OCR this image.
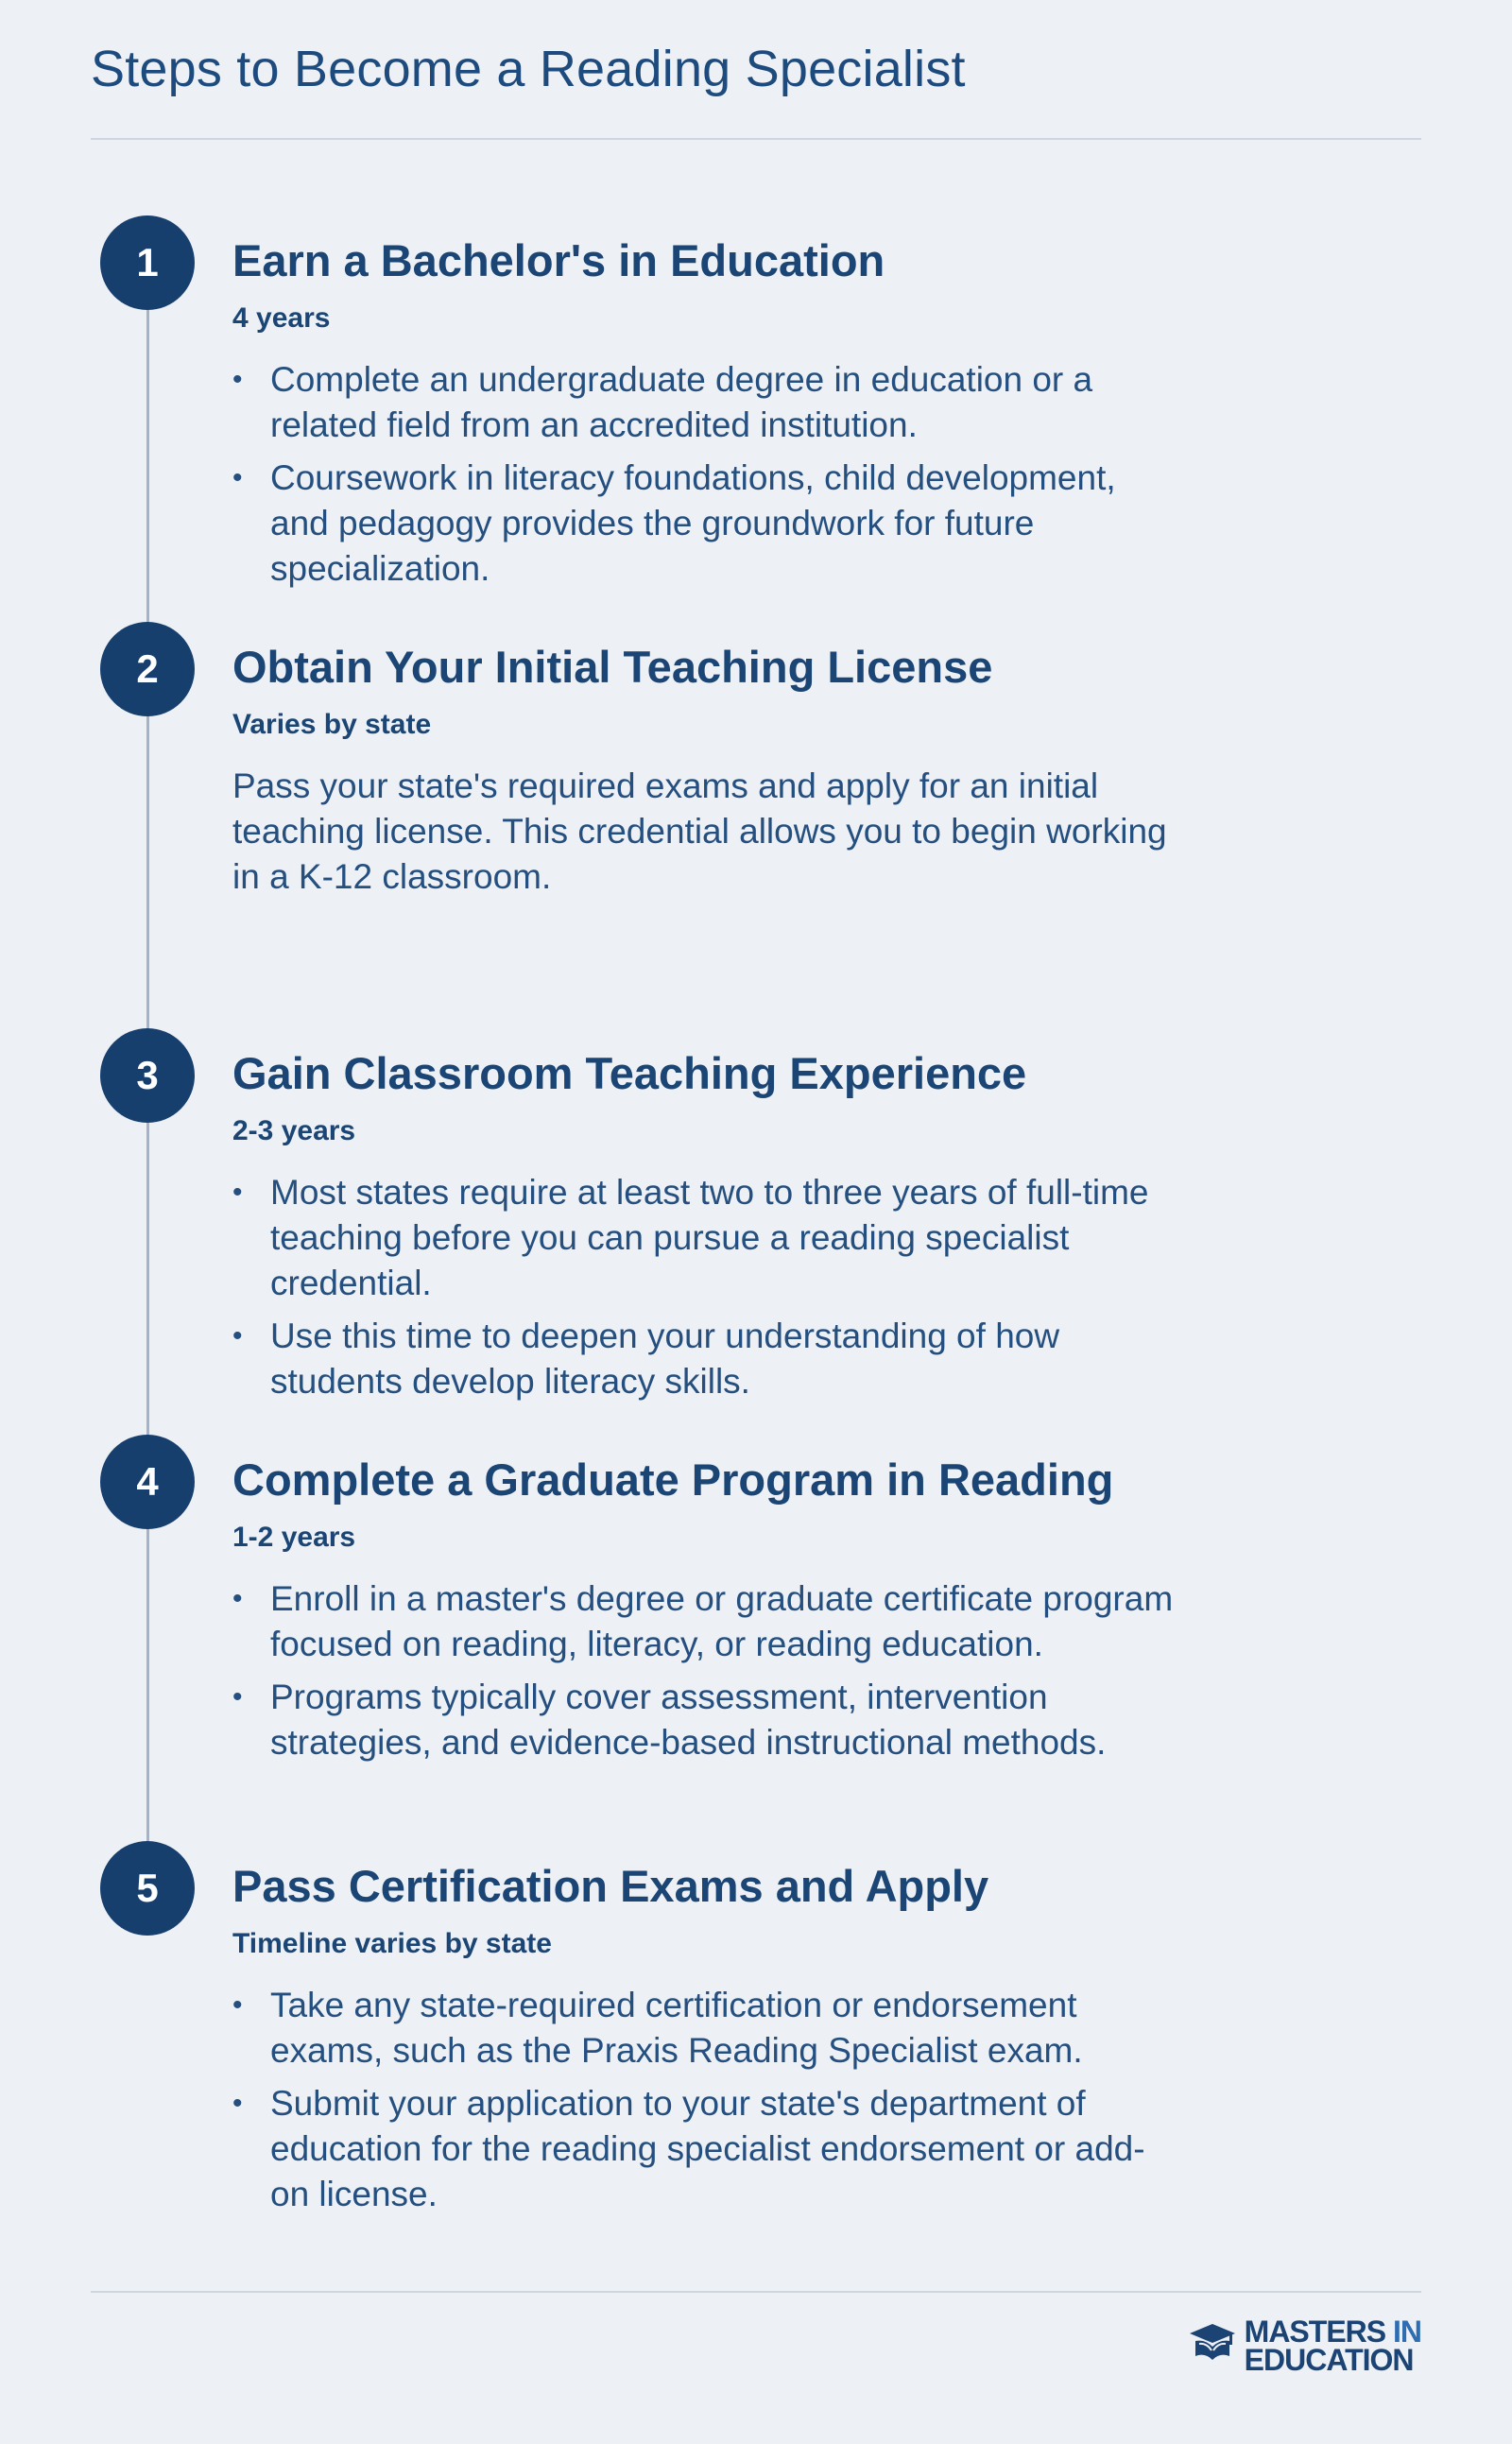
Steps to Become a Reading Specialist
1	Earn a Bachelor's in Education
4 years
• Complete an undergraduate degree in education or a related field from an accredited institution.
• Coursework in literacy foundations, child development, and pedagogy provides the groundwork for future specialization.
2	Obtain Your Initial Teaching License
Varies by state

Pass your state's required exams and apply for an initial teaching license. This credential allows you to begin working in a K-12 classroom.

3	Gain Classroom Teaching Experience
2-3 years
• Most states require at least two to three years of full-time teaching before you can pursue a reading specialist credential.
• Use this time to deepen your understanding of how students develop literacy skills.
4	Complete a Graduate Program in Reading
1-2 years
• Enroll in a master's degree or graduate certificate program focused on reading, literacy, or reading education.
• Programs typically cover assessment, intervention strategies, and evidence-based instructional methods.
5	Pass Certification Exams and Apply
Timeline varies by state
• Take any state-required certification or endorsement exams, such as the Praxis Reading Specialist exam.
• Submit your application to your state's department of education for the reading specialist endorsement or add-on license.
MASTERS IN
EDUCATION
